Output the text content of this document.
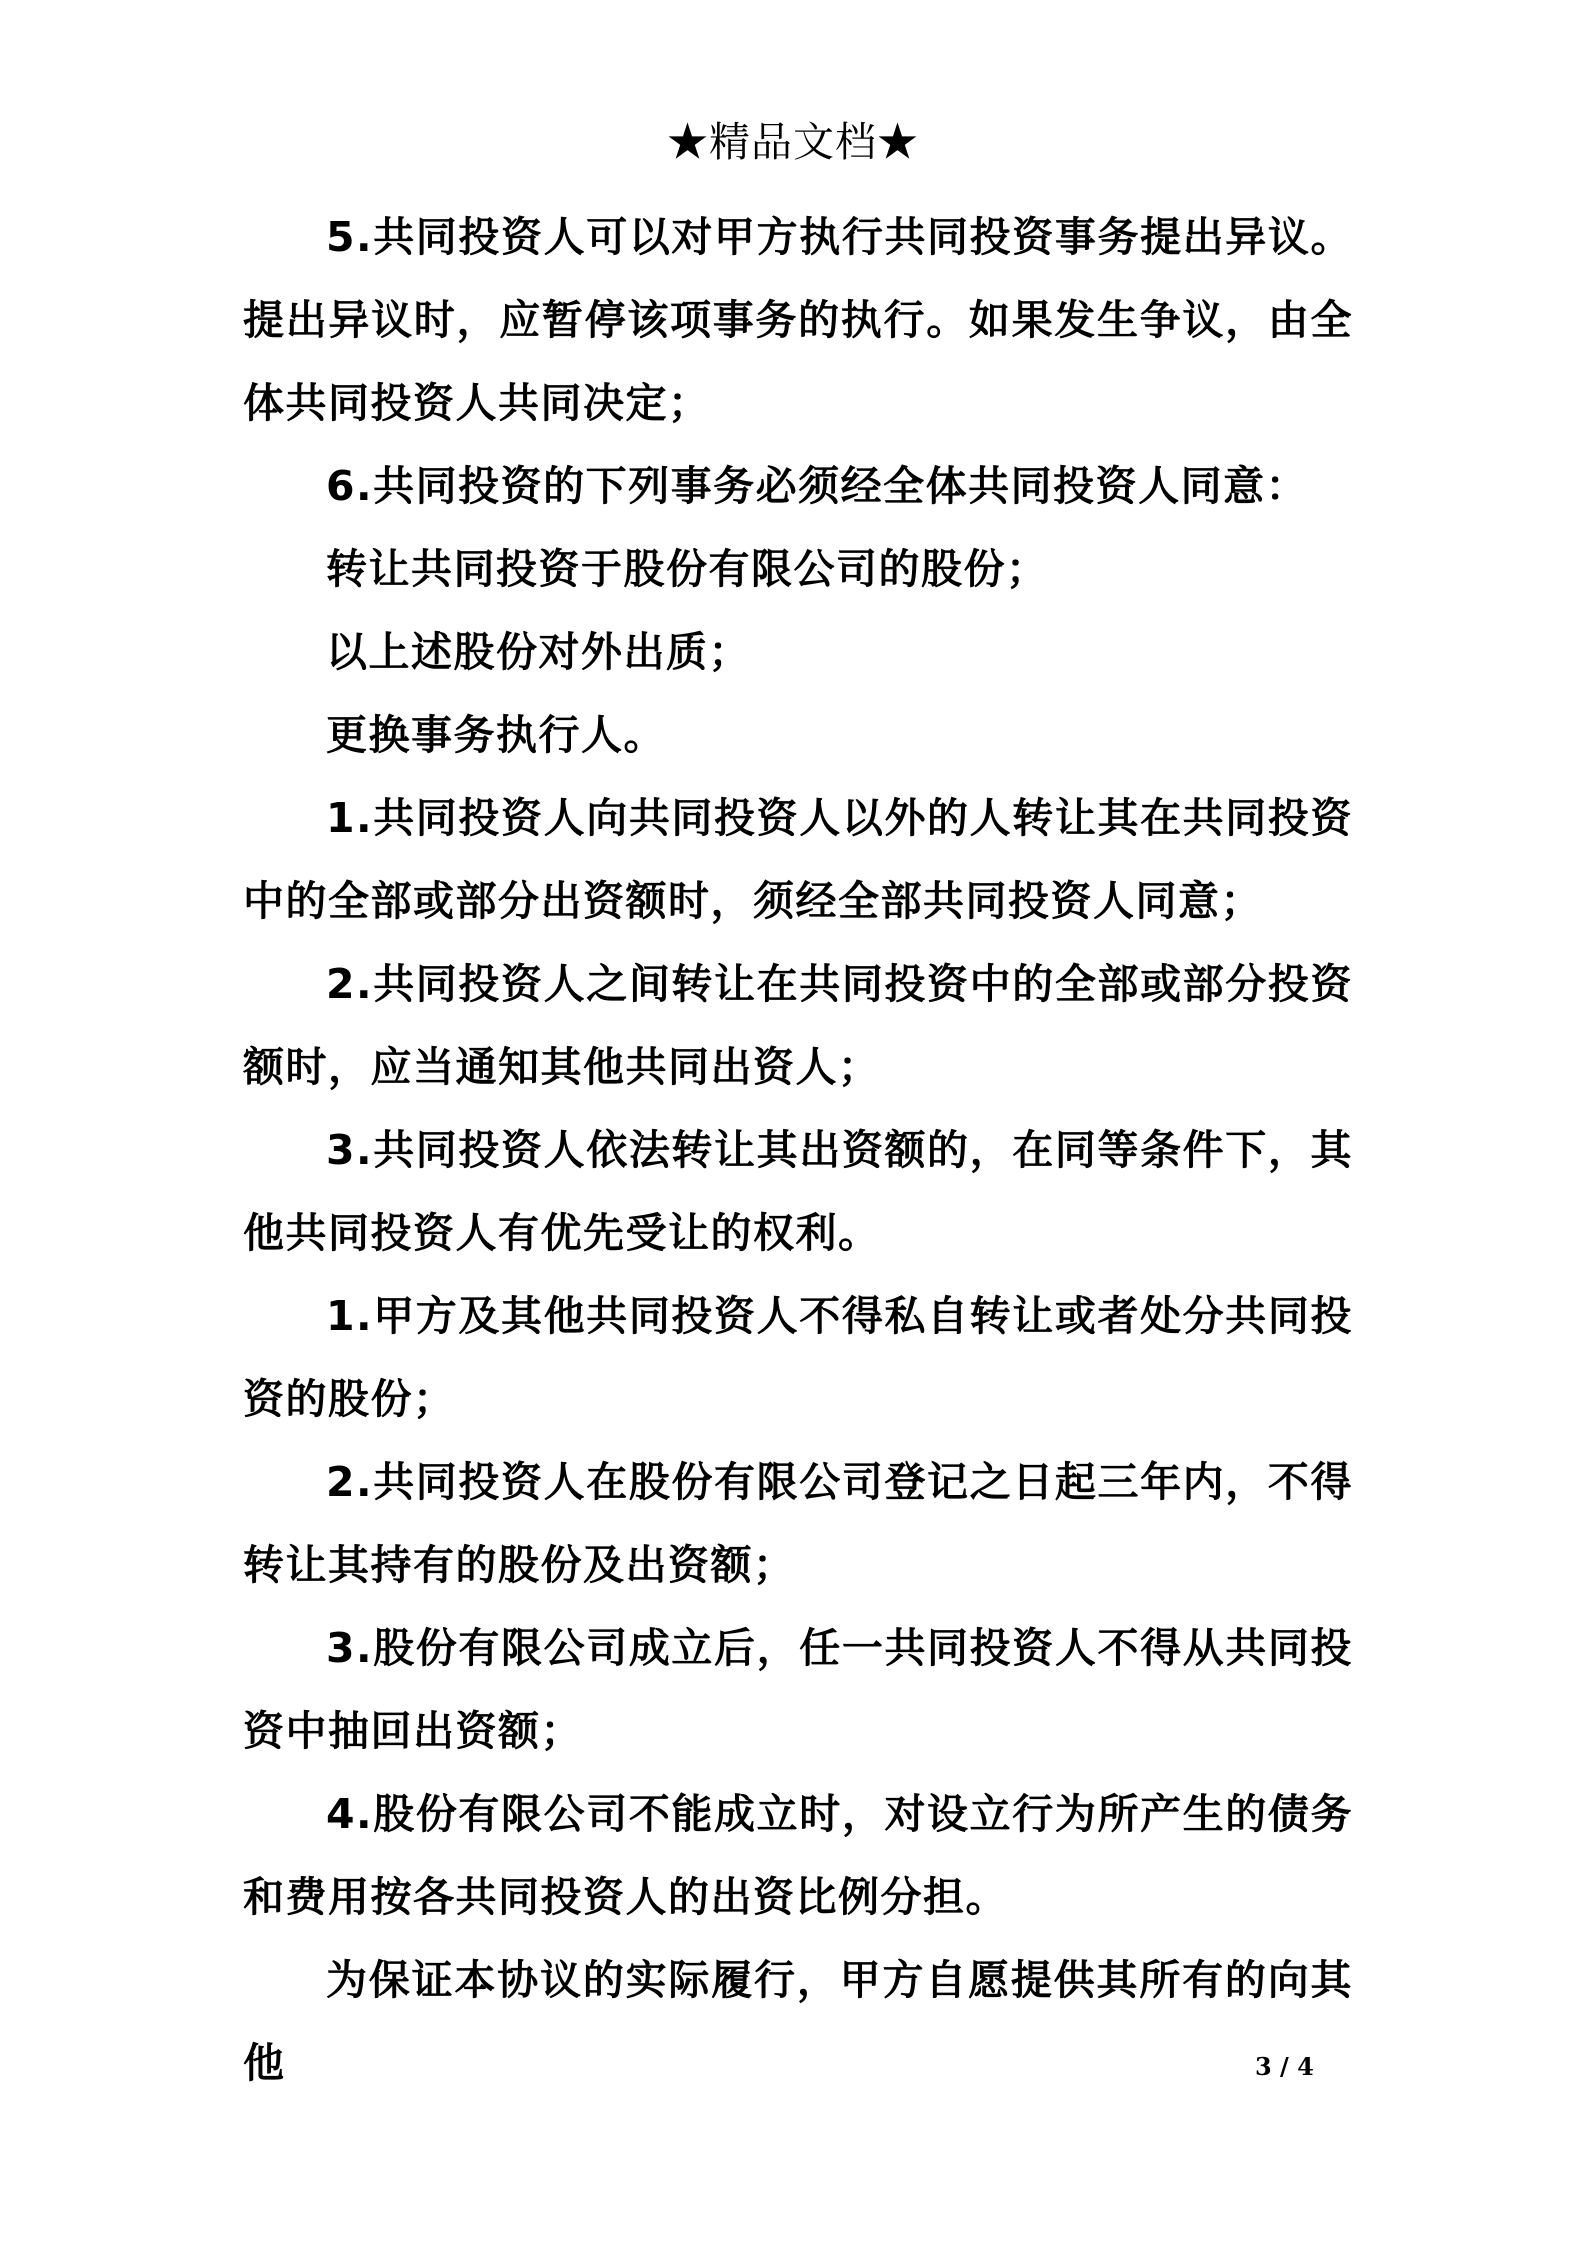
★精品文档★

5.共同投资人可以对甲方执行共同投资事务提出异议。提出异议时，应暂停该项事务的执行。如果发生争议，由全体共同投资人共同决定；

6.共同投资的下列事务必须经全体共同投资人同意：

转让共同投资于股份有限公司的股份；

以上述股份对外出质；

更换事务执行人。

1.共同投资人向共同投资人以外的人转让其在共同投资中的全部或部分出资额时，须经全部共同投资人同意；

2.共同投资人之间转让在共同投资中的全部或部分投资额时，应当通知其他共同出资人；

3.共同投资人依法转让其出资额的，在同等条件下，其他共同投资人有优先受让的权利。

1.甲方及其他共同投资人不得私自转让或者处分共同投资的股份；

2.共同投资人在股份有限公司登记之日起三年内，不得转让其持有的股份及出资额；

3.股份有限公司成立后，任一共同投资人不得从共同投资中抽回出资额；

4.股份有限公司不能成立时，对设立行为所产生的债务和费用按各共同投资人的出资比例分担。

为保证本协议的实际履行，甲方自愿提供其所有的向其他	3 / 4
